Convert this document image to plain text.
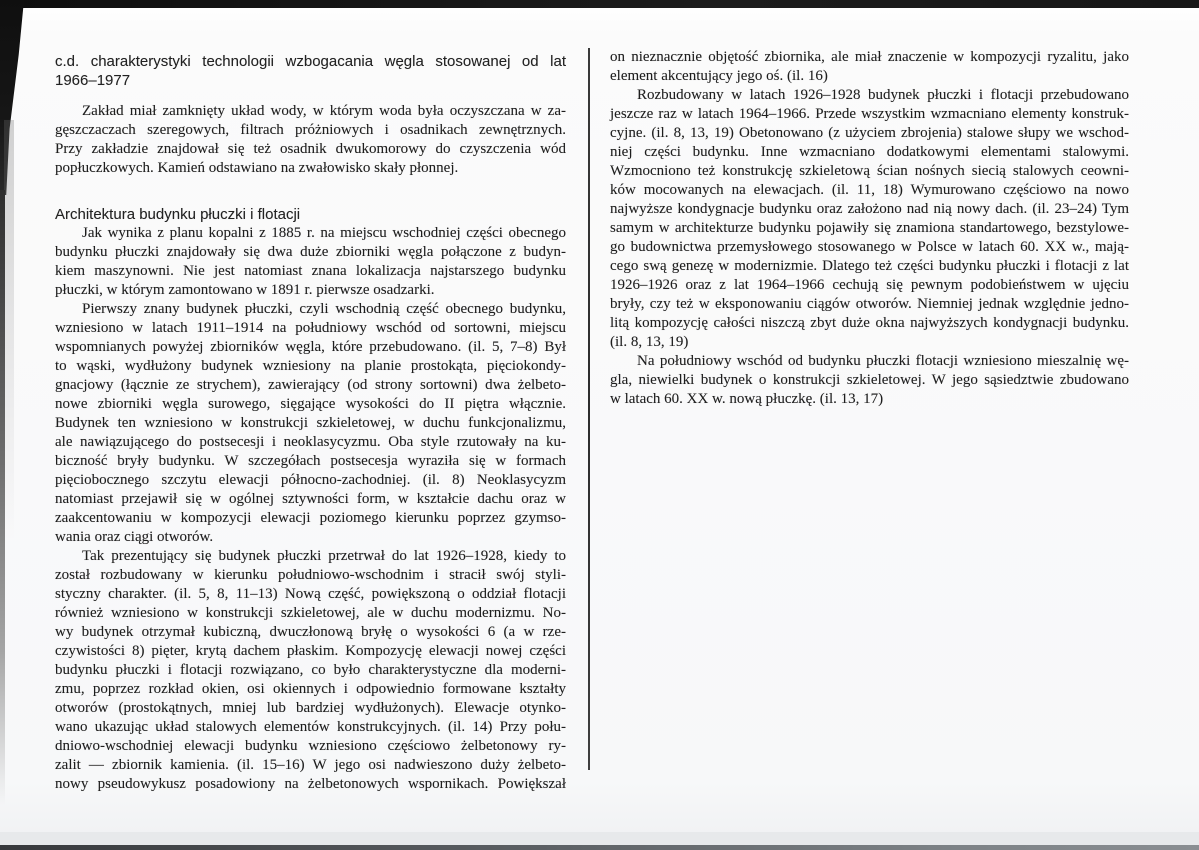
c.d. charakterystyki technologii wzbogacania węgla stosowanej od lat
1966–1977
Zakład miał zamknięty układ wody, w którym woda była oczyszczana w za-
gęszczaczach szeregowych, filtrach próżniowych i osadnikach zewnętrznych.
Przy zakładzie znajdował się też osadnik dwukomorowy do czyszczenia wód
popłuczkowych. Kamień odstawiano na zwałowisko skały płonnej.
Architektura budynku płuczki i flotacji
Jak wynika z planu kopalni z 1885 r. na miejscu wschodniej części obecnego
budynku płuczki znajdowały się dwa duże zbiorniki węgla połączone z budyn-
kiem maszynowni. Nie jest natomiast znana lokalizacja najstarszego budynku
płuczki, w którym zamontowano w 1891 r. pierwsze osadzarki.
Pierwszy znany budynek płuczki, czyli wschodnią część obecnego budynku,
wzniesiono w latach 1911–1914 na południowy wschód od sortowni, miejscu
wspomnianych powyżej zbiorników węgla, które przebudowano. (il. 5, 7–8) Był
to wąski, wydłużony budynek wzniesiony na planie prostokąta, pięciokondy-
gnacjowy (łącznie ze strychem), zawierający (od strony sortowni) dwa żelbeto-
nowe zbiorniki węgla surowego, sięgające wysokości do II piętra włącznie.
Budynek ten wzniesiono w konstrukcji szkieletowej, w duchu funkcjonalizmu,
ale nawiązującego do postsecesji i neoklasycyzmu. Oba style rzutowały na ku-
biczność bryły budynku. W szczegółach postsecesja wyraziła się w formach
pięciobocznego szczytu elewacji północno-zachodniej. (il. 8) Neoklasycyzm
natomiast przejawił się w ogólnej sztywności form, w kształcie dachu oraz w
zaakcentowaniu w kompozycji elewacji poziomego kierunku poprzez gzymso-
wania oraz ciągi otworów.
Tak prezentujący się budynek płuczki przetrwał do lat 1926–1928, kiedy to
został rozbudowany w kierunku południowo-wschodnim i stracił swój styli-
styczny charakter. (il. 5, 8, 11–13) Nową część, powiększoną o oddział flotacji
również wzniesiono w konstrukcji szkieletowej, ale w duchu modernizmu. No-
wy budynek otrzymał kubiczną, dwuczłonową bryłę o wysokości 6 (a w rze-
czywistości 8) pięter, krytą dachem płaskim. Kompozycję elewacji nowej części
budynku płuczki i flotacji rozwiązano, co było charakterystyczne dla moderni-
zmu, poprzez rozkład okien, osi okiennych i odpowiednio formowane kształty
otworów (prostokątnych, mniej lub bardziej wydłużonych). Elewacje otynko-
wano ukazując układ stalowych elementów konstrukcyjnych. (il. 14) Przy połu-
dniowo-wschodniej elewacji budynku wzniesiono częściowo żelbetonowy ry-
zalit — zbiornik kamienia. (il. 15–16) W jego osi nadwieszono duży żelbeto-
nowy pseudowykusz posadowiony na żelbetonowych wspornikach. Powiększał
on nieznacznie objętość zbiornika, ale miał znaczenie w kompozycji ryzalitu, jako
element akcentujący jego oś. (il. 16)
Rozbudowany w latach 1926–1928 budynek płuczki i flotacji przebudowano
jeszcze raz w latach 1964–1966. Przede wszystkim wzmacniano elementy konstruk-
cyjne. (il. 8, 13, 19) Obetonowano (z użyciem zbrojenia) stalowe słupy we wschod-
niej części budynku. Inne wzmacniano dodatkowymi elementami stalowymi.
Wzmocniono też konstrukcję szkieletową ścian nośnych siecią stalowych ceowni-
ków mocowanych na elewacjach. (il. 11, 18) Wymurowano częściowo na nowo
najwyższe kondygnacje budynku oraz założono nad nią nowy dach. (il. 23–24) Tym
samym w architekturze budynku pojawiły się znamiona standartowego, bezstylowe-
go budownictwa przemysłowego stosowanego w Polsce w latach 60. XX w., mają-
cego swą genezę w modernizmie. Dlatego też części budynku płuczki i flotacji z lat
1926–1926 oraz z lat 1964–1966 cechują się pewnym podobieństwem w ujęciu
bryły, czy też w eksponowaniu ciągów otworów. Niemniej jednak względnie jedno-
litą kompozycję całości niszczą zbyt duże okna najwyższych kondygnacji budynku.
(il. 8, 13, 19)
Na południowy wschód od budynku płuczki flotacji wzniesiono mieszalnię wę-
gla, niewielki budynek o konstrukcji szkieletowej. W jego sąsiedztwie zbudowano
w latach 60. XX w. nową płuczkę. (il. 13, 17)
